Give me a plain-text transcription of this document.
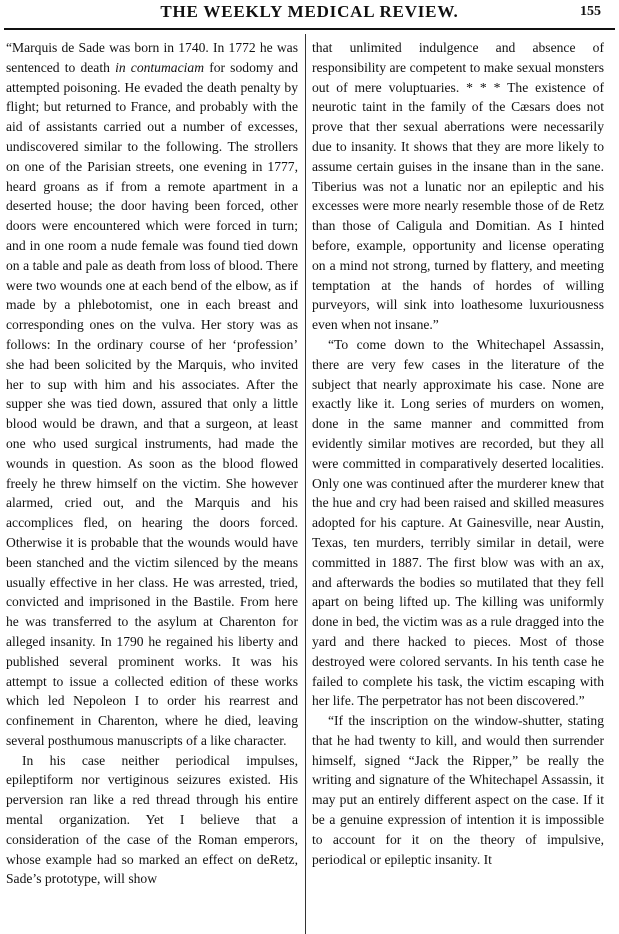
THE WEEKLY MEDICAL REVIEW.	155

“Marquis de Sade was born in 1740. In 1772 he was sentenced to death in contumaciam for sodomy and attempted poisoning. He evaded the death penalty by flight; but returned to France, and probably with the aid of assistants carried out a number of excesses, undiscovered similar to the following. The strollers on one of the Parisian streets, one evening in 1777, heard groans as if from a remote apartment in a deserted house; the door having been forced, other doors were encountered which were forced in turn; and in one room a nude female was found tied down on a table and pale as death from loss of blood. There were two wounds one at each bend of the elbow, as if made by a phlebotomist, one in each breast and corresponding ones on the vulva. Her story was as follows: In the ordinary course of her ‘profession’ she had been solicited by the Marquis, who invited her to sup with him and his associates. After the supper she was tied down, assured that only a little blood would be drawn, and that a surgeon, at least one who used surgical instruments, had made the wounds in question. As soon as the blood flowed freely he threw himself on the victim. She however alarmed, cried out, and the Marquis and his accomplices fled, on hearing the doors forced. Otherwise it is probable that the wounds would have been stanched and the victim silenced by the means usually effective in her class. He was arrested, tried, convicted and imprisoned in the Bastile. From here he was transferred to the asylum at Charenton for alleged insanity. In 1790 he regained his liberty and published several prominent works. It was his attempt to issue a collected edition of these works which led Nepoleon I to order his rearrest and confinement in Charenton, where he died, leaving several posthumous manuscripts of a like character.

In his case neither periodical impulses, epileptiform nor vertiginous seizures existed. His perversion ran like a red thread through his entire mental organization. Yet I believe that a consideration of the case of the Roman emperors, whose example had so marked an effect on deRetz, Sade’s prototype, will show

that unlimited indulgence and absence of responsibility are competent to make sexual monsters out of mere voluptuaries. * * * The existence of neurotic taint in the family of the Cæsars does not prove that ther sexual aberrations were necessarily due to insanity. It shows that they are more likely to assume certain guises in the insane than in the sane. Tiberius was not a lunatic nor an epileptic and his excesses were more nearly resemble those of de Retz than those of Caligula and Domitian. As I hinted before, example, opportunity and license operating on a mind not strong, turned by flattery, and meeting temptation at the hands of hordes of willing purveyors, will sink into loathesome luxuriousness even when not insane.”

“To come down to the Whitechapel Assassin, there are very few cases in the literature of the subject that nearly approximate his case. None are exactly like it. Long series of murders on women, done in the same manner and committed from evidently similar motives are recorded, but they all were committed in comparatively deserted localities. Only one was continued after the murderer knew that the hue and cry had been raised and skilled measures adopted for his capture. At Gainesville, near Austin, Texas, ten murders, terribly similar in detail, were committed in 1887. The first blow was with an ax, and afterwards the bodies so mutilated that they fell apart on being lifted up. The killing was uniformly done in bed, the victim was as a rule dragged into the yard and there hacked to pieces. Most of those destroyed were colored servants. In his tenth case he failed to complete his task, the victim escaping with her life. The perpetrator has not been discovered.”

“If the inscription on the window-shutter, stating that he had twenty to kill, and would then surrender himself, signed “Jack the Ripper,” be really the writing and signature of the Whitechapel Assassin, it may put an entirely different aspect on the case. If it be a genuine expression of intention it is impossible to account for it on the theory of impulsive, periodical or epileptic insanity. It
